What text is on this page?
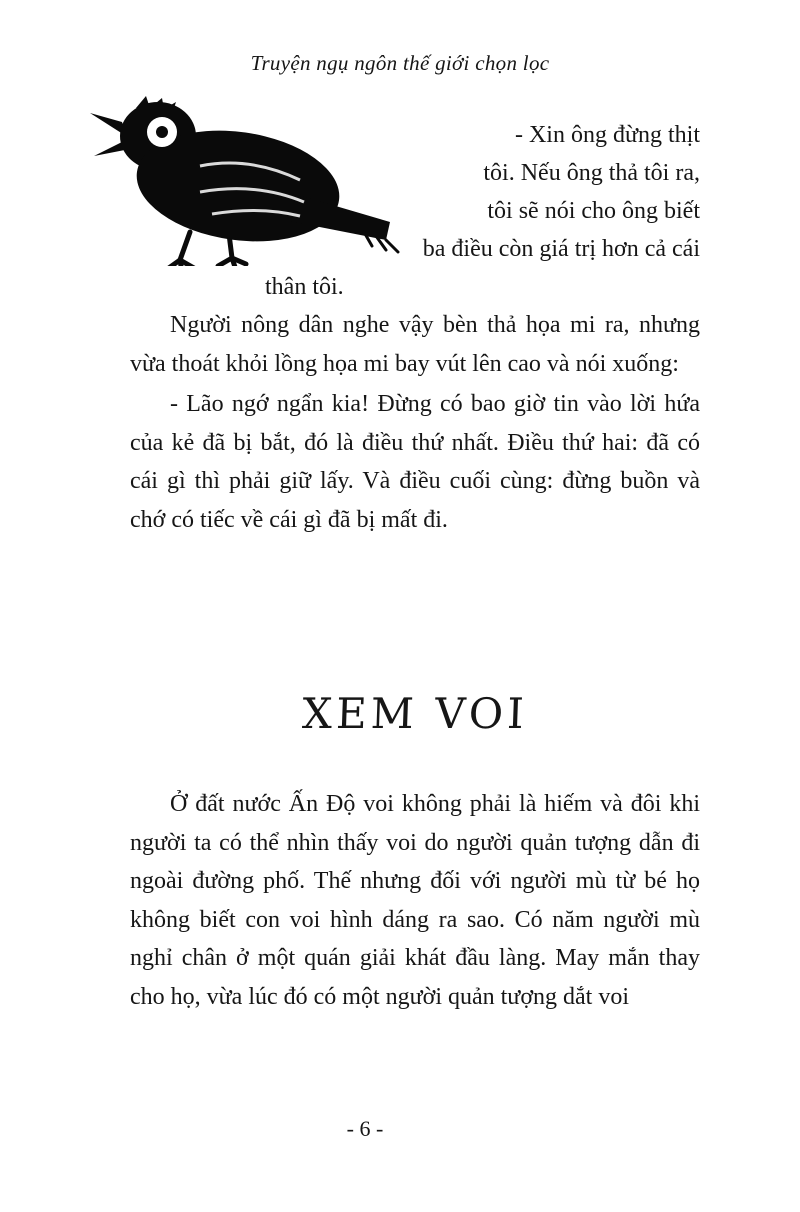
Truyện ngụ ngôn thế giới chọn lọc
- Xin ông đừng thịt
tôi. Nếu ông thả tôi ra,
tôi sẽ nói cho ông biết
ba điều còn giá trị hơn cả cái
thân tôi.

Người nông dân nghe vậy bèn thả họa mi ra, nhưng vừa thoát khỏi lồng họa mi bay vút lên cao và nói xuống:

- Lão ngớ ngẩn kia! Đừng có bao giờ tin vào lời hứa của kẻ đã bị bắt, đó là điều thứ nhất. Điều thứ hai: đã có cái gì thì phải giữ lấy. Và điều cuối cùng: đừng buồn và chớ có tiếc về cái gì đã bị mất đi.

XEM VOI

Ở đất nước Ấn Độ voi không phải là hiếm và đôi khi người ta có thể nhìn thấy voi do người quản tượng dẫn đi ngoài đường phố. Thế nhưng đối với người mù từ bé họ không biết con voi hình dáng ra sao. Có năm người mù nghỉ chân ở một quán giải khát đầu làng. May mắn thay cho họ, vừa lúc đó có một người quản tượng dắt voi

- 6 -
